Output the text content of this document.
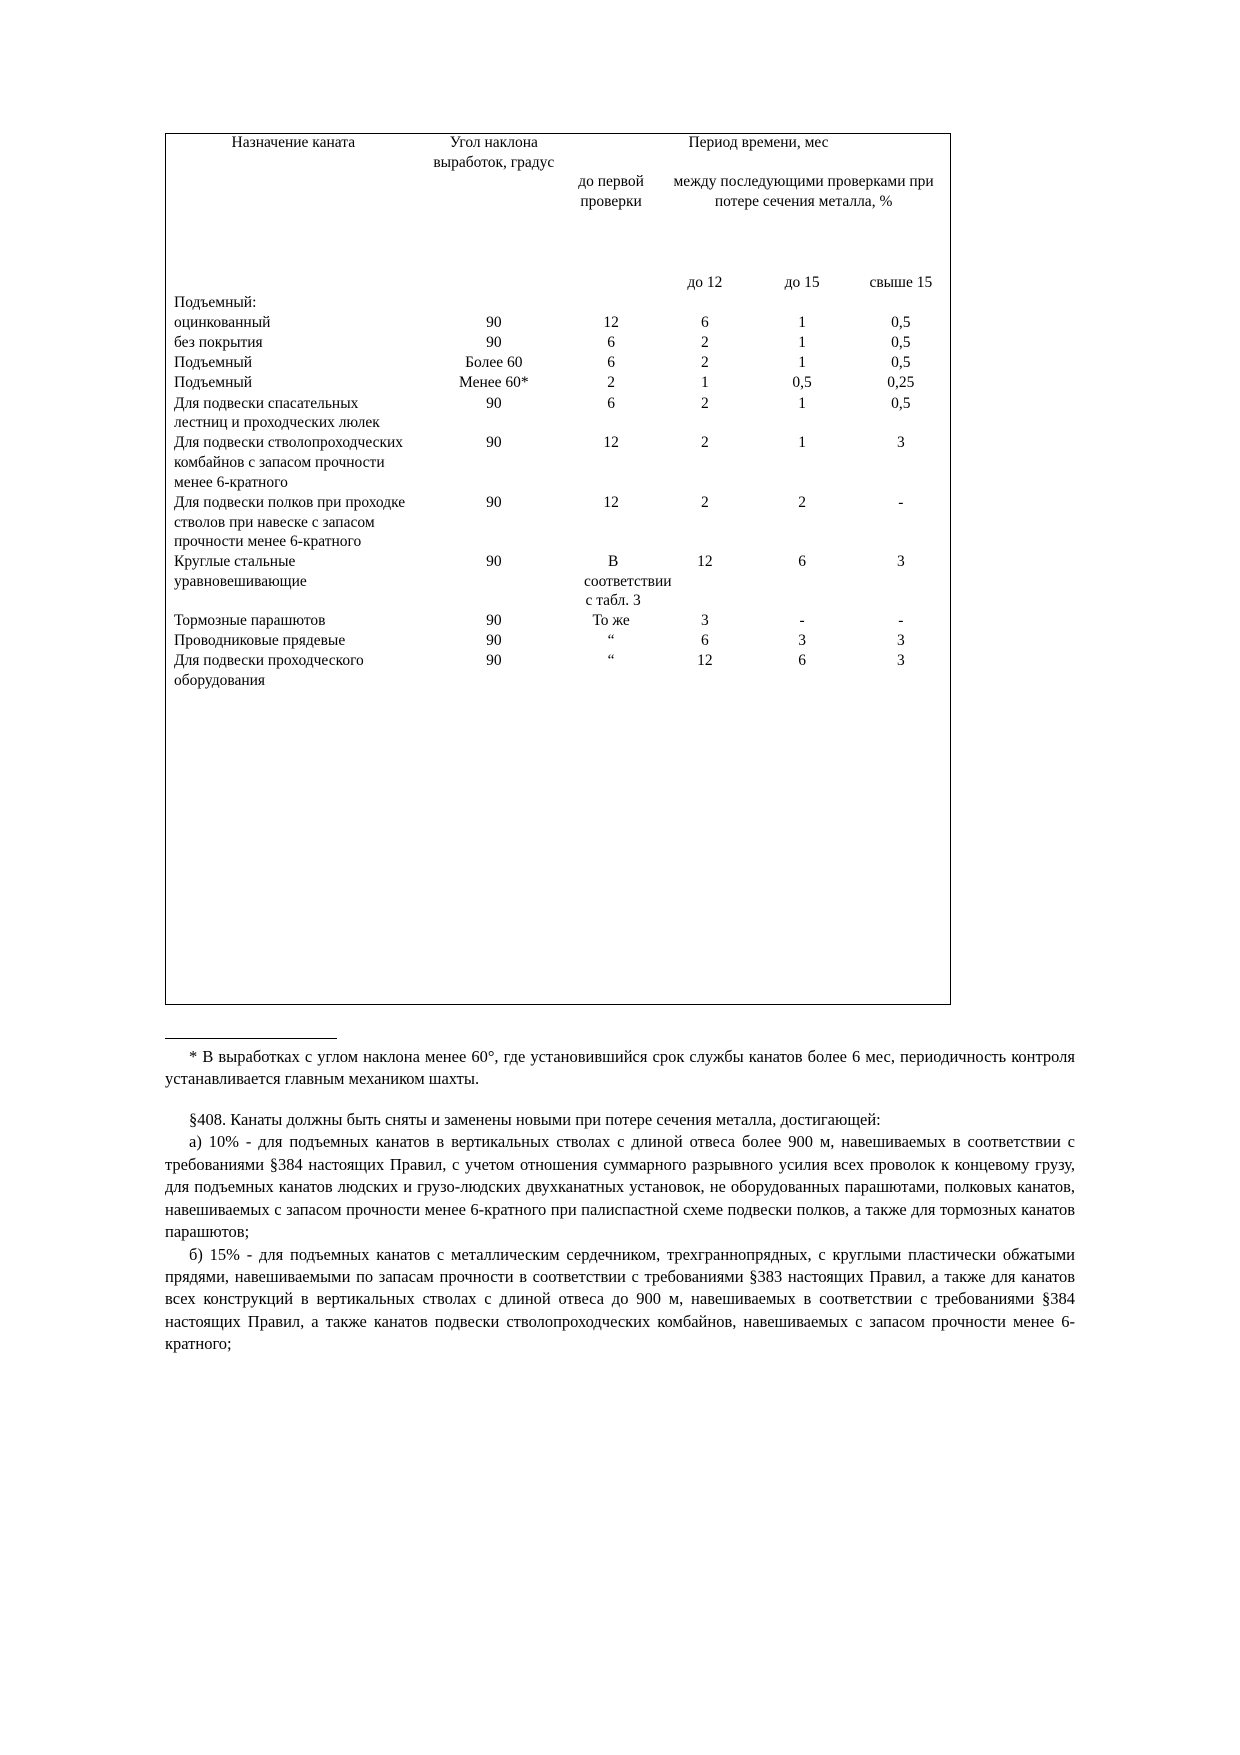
Назначение каната	Угол наклона выработок, градус	Период времени, мес			
		до первой проверки	между последующими проверками при потере сечения металла, %		

			до 12	до 15	свыше 15
Подъемный:					
оцинкованный	90	12	6	1	0,5
без покрытия	90	6	2	1	0,5
Подъемный	Более 60	6	2	1	0,5
Подъемный	Менее 60*	2	1	0,5	0,25
Для подвески спасательных лестниц и проходческих люлек	90	6	2	1	0,5
Для подвески стволопроходческих комбайнов с запасом прочности менее 6-кратного	90	12	2	1	3
Для подвески полков при проходке стволов при навеске с запасом прочности менее 6-кратного	90	12	2	2	-
Круглые стальные уравновешивающие	90	В соответствии с табл. 3	12	6	3
Тормозные парашютов	90	То же	3	-	-
Проводниковые прядевые	90	“	6	3	3
Для подвески проходческого оборудования	90	“	12	6	3

* В выработках с углом наклона менее 60°, где установившийся срок службы канатов более 6 мес, периодичность контроля устанавливается главным механиком шахты.

§408. Канаты должны быть сняты и заменены новыми при потере сечения металла, достигающей:

а) 10% - для подъемных канатов в вертикальных стволах с длиной отвеса более 900 м, навешиваемых в соответствии с требованиями §384 настоящих Правил, с учетом отношения суммарного разрывного усилия всех проволок к концевому грузу, для подъемных канатов людских и грузо-людских двухканатных установок, не оборудованных парашютами, полковых канатов, навешиваемых с запасом прочности менее 6-кратного при палиспастной схеме подвески полков, а также для тормозных канатов парашютов;

б) 15% - для подъемных канатов с металлическим сердечником, трехграннопрядных, с круглыми пластически обжатыми прядями, навешиваемыми по запасам прочности в соответствии с требованиями §383 настоящих Правил, а также для канатов всех конструкций в вертикальных стволах с длиной отвеса до 900 м, навешиваемых в соответствии с требованиями §384 настоящих Правил, а также канатов подвески стволопроходческих комбайнов, навешиваемых с запасом прочности менее 6-кратного;
